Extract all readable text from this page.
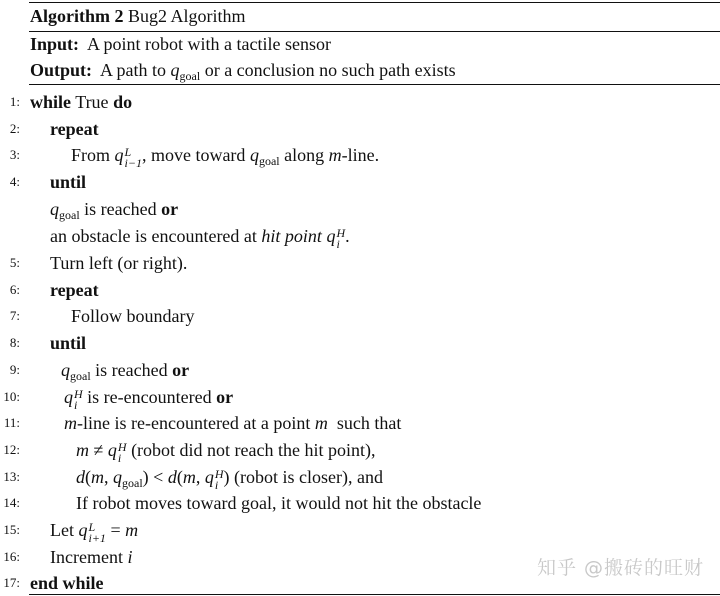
Algorithm 2 Bug2 Algorithm
Input: A point robot with a tactile sensor
Output: A path to $q_{goal}$ or a conclusion no such path exists
1: while True do
2: repeat
3:	From q L
i−1 , move toward $q_{goal}$ along m-line.
4: until
$q_{goal}$ is reached or
an obstacle is encountered at hit point q H
i .
5: Turn left (or right).
6: repeat
7:	Follow boundary
8: until
9: $q_{goal}$ is reached or
10: q H
i is re-encountered or
11: m-line is re-encountered at a point m such that
12:	m ≠ q H
i (robot did not reach the hit point),
13:	d(m, $q_{goal}) < d(m$, q H
i ) (robot is closer), and
14:	If robot moves toward goal, it would not hit the obstacle
15: Let q L
i+1 = m
16: Increment i
17: end while
知乎 @搬砖的旺财
